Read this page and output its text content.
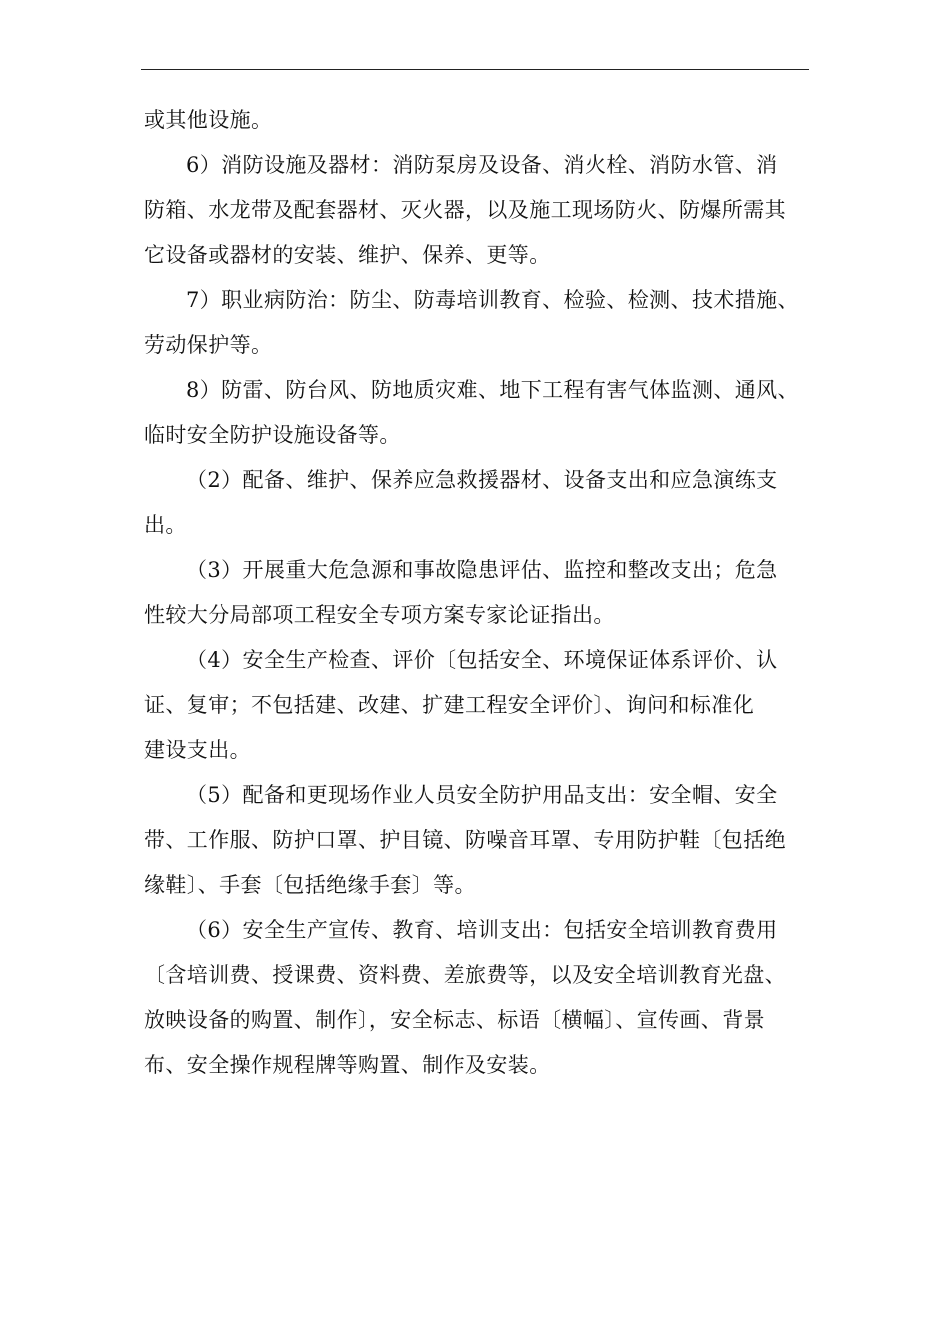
或其他设施。
6）消防设施及器材：消防泵房及设备、消火栓、消防水管、消
防箱、水龙带及配套器材、灭火器，以及施工现场防火、防爆所需其
它设备或器材的安装、维护、保养、更等。
7）职业病防治：防尘、防毒培训教育、检验、检测、技术措施、
劳动保护等。
8）防雷、防台风、防地质灾难、地下工程有害气体监测、通风、
临时安全防护设施设备等。
（2）配备、维护、保养应急救援器材、设备支出和应急演练支
出。
（3）开展重大危急源和事故隐患评估、监控和整改支出；危急
性较大分局部项工程安全专项方案专家论证指出。
（4）安全生产检查、评价〔包括安全、环境保证体系评价、认
证、复审；不包括建、改建、扩建工程安全评价〕、询问和标准化
建设支出。
（5）配备和更现场作业人员安全防护用品支出：安全帽、安全
带、工作服、防护口罩、护目镜、防噪音耳罩、专用防护鞋〔包括绝
缘鞋〕、手套〔包括绝缘手套〕等。
（6）安全生产宣传、教育、培训支出：包括安全培训教育费用
〔含培训费、授课费、资料费、差旅费等，以及安全培训教育光盘、
放映设备的购置、制作〕，安全标志、标语〔横幅〕、宣传画、背景
布、安全操作规程牌等购置、制作及安装。
